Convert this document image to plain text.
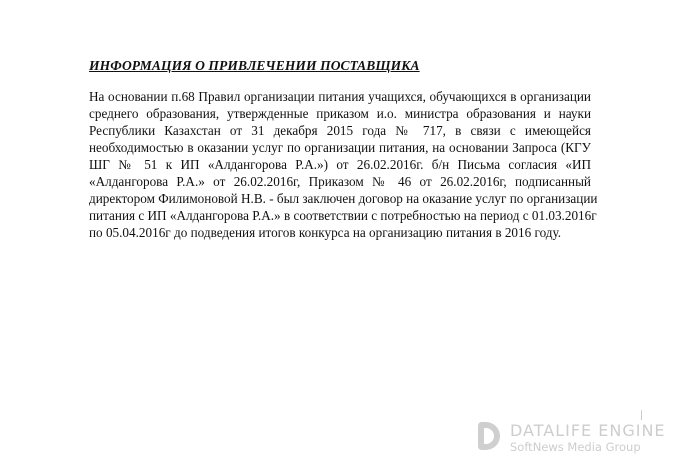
ИНФОРМАЦИЯ О ПРИВЛЕЧЕНИИ ПОСТАВЩИКА
На основании п.68 Правил организации питания учащихся, обучающихся в организации
среднего образования, утвержденные приказом и.о. министра образования и науки
Республики Казахстан от 31 декабря 2015 года № 717, в связи с имеющейся
необходимостью в оказании услуг по организации питания, на основании Запроса (КГУ
ШГ № 51 к ИП «Алдангорова Р.А.») от 26.02.2016г. б/н Письма согласия «ИП
«Алдангорова Р.А.» от 26.02.2016г, Приказом № 46 от 26.02.2016г, подписанный
директором Филимоновой Н.В. - был заключен договор на оказание услуг по организации
питания с ИП «Алдангорова Р.А.» в соответствии с потребностью на период с 01.03.2016г
по 05.04.2016г до подведения итогов конкурса на организацию питания в 2016 году.
DATALIFE ENGINE
SoftNews Media Group
